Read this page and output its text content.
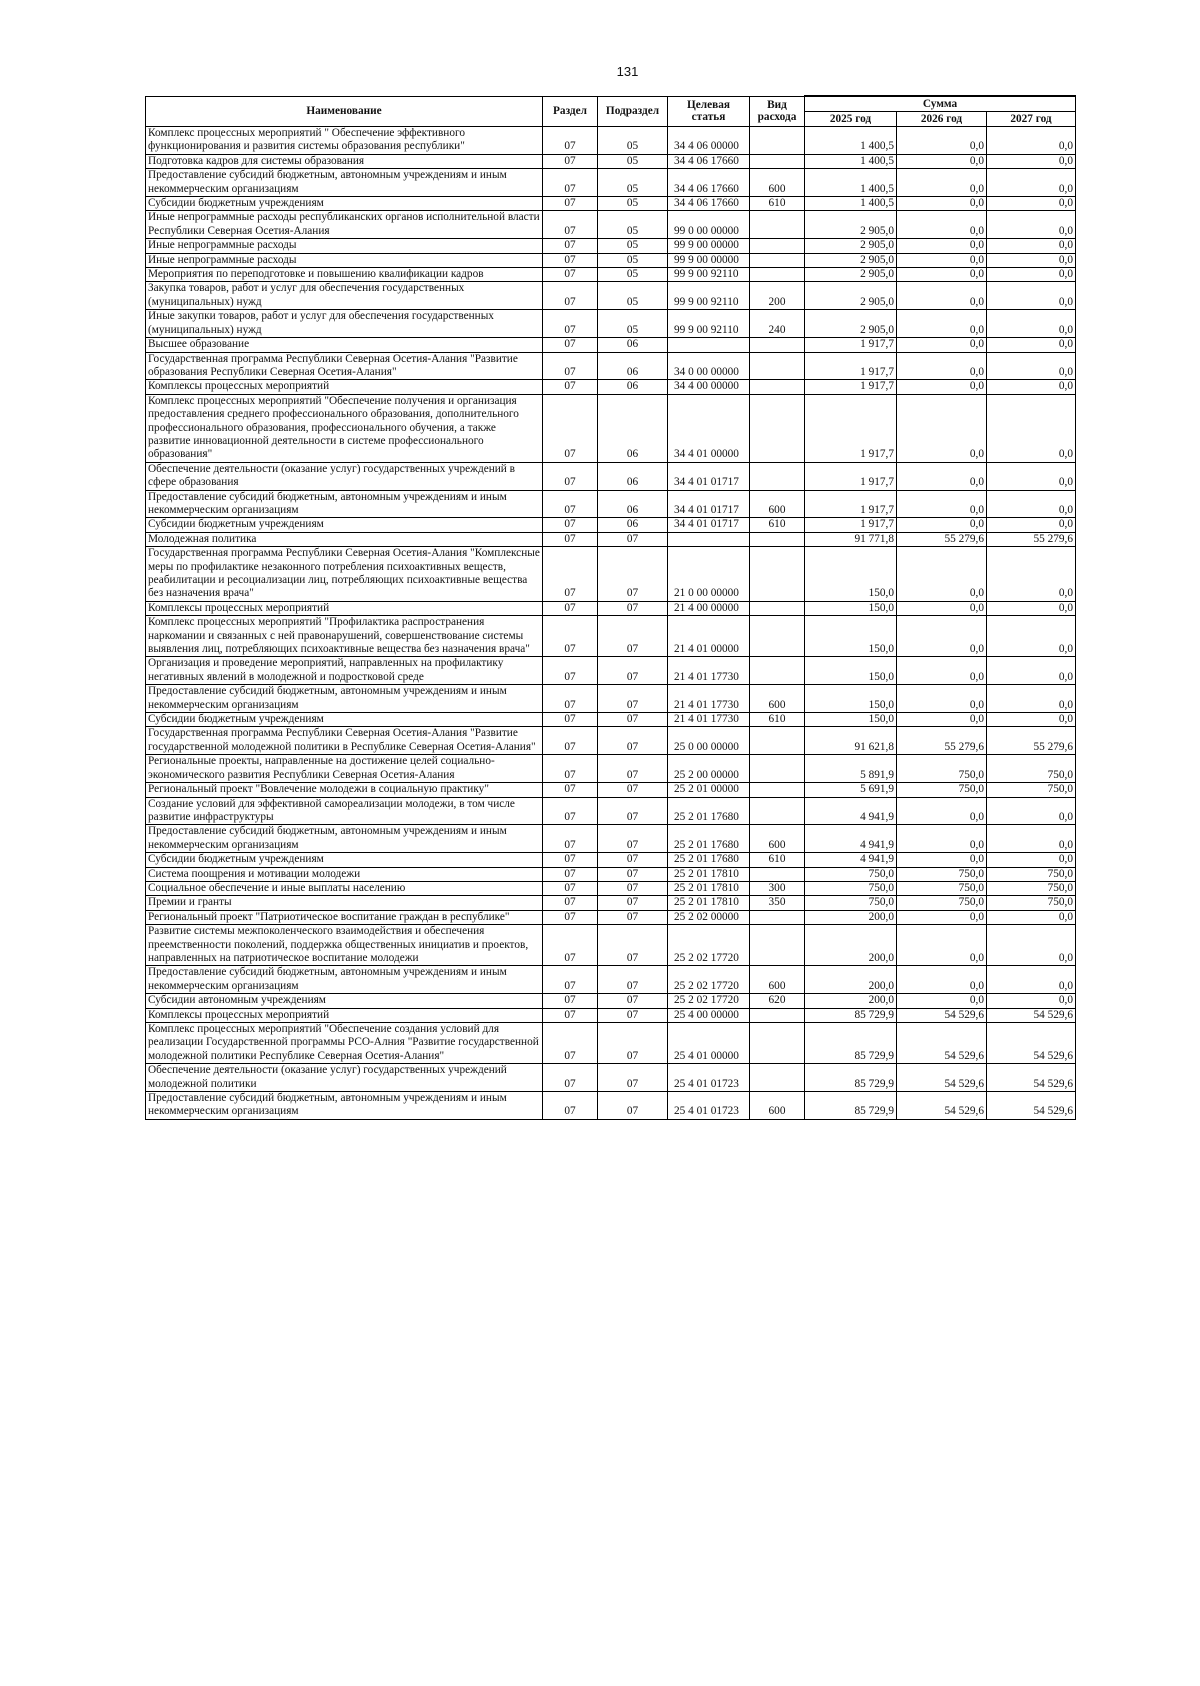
131
Наименование	Раздел	Подраздел	Целевая статья	Вид расхода	Сумма		
					2025 год	2026 год	2027 год
Комплекс процессных мероприятий " Обеспечение эффективного функционирования и развития системы образования республики"	07	05	34 4 06 00000		1 400,5	0,0	0,0
Подготовка кадров для системы образования	07	05	34 4 06 17660		1 400,5	0,0	0,0
Предоставление субсидий бюджетным, автономным учреждениям и иным некоммерческим организациям	07	05	34 4 06 17660	600	1 400,5	0,0	0,0
Субсидии бюджетным учреждениям	07	05	34 4 06 17660	610	1 400,5	0,0	0,0
Иные непрограммные расходы республиканских органов исполнительной власти Республики Северная Осетия-Алания	07	05	99 0 00 00000		2 905,0	0,0	0,0
Иные непрограммные расходы	07	05	99 9 00 00000		2 905,0	0,0	0,0
Иные непрограммные расходы	07	05	99 9 00 00000		2 905,0	0,0	0,0
Мероприятия по переподготовке и повышению квалификации кадров	07	05	99 9 00 92110		2 905,0	0,0	0,0
Закупка товаров, работ и услуг для обеспечения государственных (муниципальных) нужд	07	05	99 9 00 92110	200	2 905,0	0,0	0,0
Иные закупки товаров, работ и услуг для обеспечения государственных (муниципальных) нужд	07	05	99 9 00 92110	240	2 905,0	0,0	0,0
Высшее образование	07	06			1 917,7	0,0	0,0
Государственная программа Республики Северная Осетия-Алания "Развитие образования Республики Северная Осетия-Алания"	07	06	34 0 00 00000		1 917,7	0,0	0,0
Комплексы процессных мероприятий	07	06	34 4 00 00000		1 917,7	0,0	0,0
Комплекс процессных мероприятий "Обеспечение получения и организация предоставления среднего профессионального образования, дополнительного профессионального образования, профессионального обучения, а также развитие инновационной деятельности в системе профессионального образования"	07	06	34 4 01 00000		1 917,7	0,0	0,0
Обеспечение деятельности (оказание услуг) государственных учреждений в сфере образования	07	06	34 4 01 01717		1 917,7	0,0	0,0
Предоставление субсидий бюджетным, автономным учреждениям и иным некоммерческим организациям	07	06	34 4 01 01717	600	1 917,7	0,0	0,0
Субсидии бюджетным учреждениям	07	06	34 4 01 01717	610	1 917,7	0,0	0,0
Молодежная политика	07	07			91 771,8	55 279,6	55 279,6
Государственная программа Республики Северная Осетия-Алания "Комплексные меры по профилактике незаконного потребления психоактивных веществ, реабилитации и ресоциализации лиц, потребляющих психоактивные вещества без назначения врача"	07	07	21 0 00 00000		150,0	0,0	0,0
Комплексы процессных мероприятий	07	07	21 4 00 00000		150,0	0,0	0,0
Комплекс процессных мероприятий "Профилактика распространения наркомании и связанных с ней правонарушений, совершенствование системы выявления лиц, потребляющих психоактивные вещества без назначения врача"	07	07	21 4 01 00000		150,0	0,0	0,0
Организация и проведение мероприятий, направленных на профилактику негативных явлений в молодежной и подростковой среде	07	07	21 4 01 17730		150,0	0,0	0,0
Предоставление субсидий бюджетным, автономным учреждениям и иным некоммерческим организациям	07	07	21 4 01 17730	600	150,0	0,0	0,0
Субсидии бюджетным учреждениям	07	07	21 4 01 17730	610	150,0	0,0	0,0
Государственная программа Республики Северная Осетия-Алания "Развитие государственной молодежной политики в Республике Северная Осетия-Алания"	07	07	25 0 00 00000		91 621,8	55 279,6	55 279,6
Региональные проекты, направленные на достижение целей социально-экономического развития Республики Северная Осетия-Алания	07	07	25 2 00 00000		5 891,9	750,0	750,0
Региональный проект "Вовлечение молодежи в социальную практику"	07	07	25 2 01 00000		5 691,9	750,0	750,0
Создание условий для эффективной самореализации молодежи, в том числе развитие инфраструктуры	07	07	25 2 01 17680		4 941,9	0,0	0,0
Предоставление субсидий бюджетным, автономным учреждениям и иным некоммерческим организациям	07	07	25 2 01 17680	600	4 941,9	0,0	0,0
Субсидии бюджетным учреждениям	07	07	25 2 01 17680	610	4 941,9	0,0	0,0
Система поощрения и мотивации молодежи	07	07	25 2 01 17810		750,0	750,0	750,0
Социальное обеспечение и иные выплаты населению	07	07	25 2 01 17810	300	750,0	750,0	750,0
Премии и гранты	07	07	25 2 01 17810	350	750,0	750,0	750,0
Региональный проект "Патриотическое воспитание граждан в республике"	07	07	25 2 02 00000		200,0	0,0	0,0
Развитие системы межпоколенческого взаимодействия и обеспечения преемственности поколений, поддержка общественных инициатив и проектов, направленных на патриотическое воспитание молодежи	07	07	25 2 02 17720		200,0	0,0	0,0
Предоставление субсидий бюджетным, автономным учреждениям и иным некоммерческим организациям	07	07	25 2 02 17720	600	200,0	0,0	0,0
Субсидии автономным учреждениям	07	07	25 2 02 17720	620	200,0	0,0	0,0
Комплексы процессных мероприятий	07	07	25 4 00 00000		85 729,9	54 529,6	54 529,6
Комплекс процессных мероприятий "Обеспечение создания условий для реализации Государственной программы РСО-Алния "Развитие государственной молодежной политики Республике Северная Осетия-Алания"	07	07	25 4 01 00000		85 729,9	54 529,6	54 529,6
Обеспечение деятельности (оказание услуг) государственных учреждений молодежной политики	07	07	25 4 01 01723		85 729,9	54 529,6	54 529,6
Предоставление субсидий бюджетным, автономным учреждениям и иным некоммерческим организациям	07	07	25 4 01 01723	600	85 729,9	54 529,6	54 529,6
